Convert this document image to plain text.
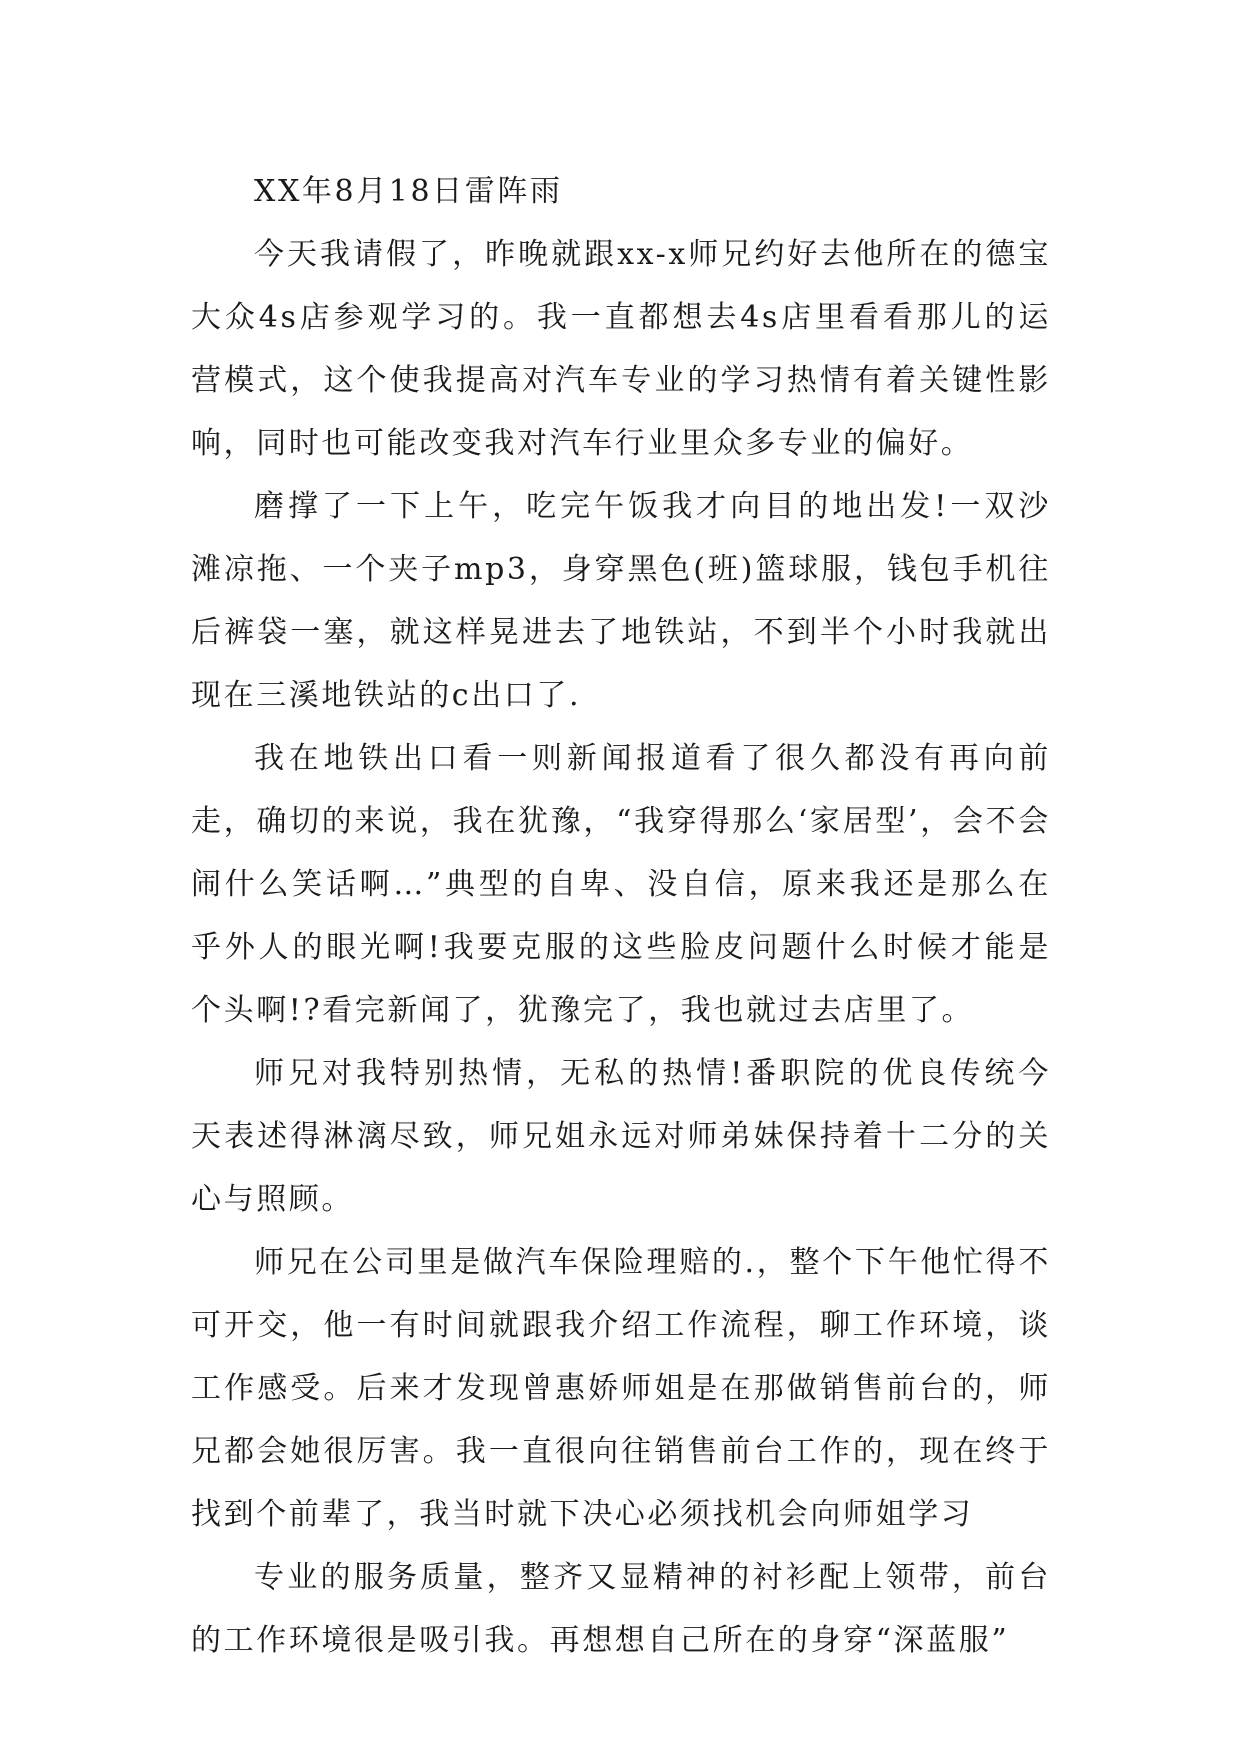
XX年8月18日雷阵雨

今天我请假了，昨晚就跟xx-x师兄约好去他所在的德宝大众4s店参观学习的。我一直都想去4s店里看看那儿的运营模式，这个使我提高对汽车专业的学习热情有着关键性影响，同时也可能改变我对汽车行业里众多专业的偏好。

磨撑了一下上午，吃完午饭我才向目的地出发!一双沙滩凉拖、一个夹子mp3，身穿黑色(班)篮球服，钱包手机往后裤袋一塞，就这样晃进去了地铁站，不到半个小时我就出现在三溪地铁站的c出口了.

我在地铁出口看一则新闻报道看了很久都没有再向前走，确切的来说，我在犹豫，“我穿得那么‘家居型’，会不会闹什么笑话啊…”典型的自卑、没自信，原来我还是那么在乎外人的眼光啊!我要克服的这些脸皮问题什么时候才能是个头啊!?看完新闻了，犹豫完了，我也就过去店里了。

师兄对我特别热情，无私的热情!番职院的优良传统今天表述得淋漓尽致，师兄姐永远对师弟妹保持着十二分的关心与照顾。

师兄在公司里是做汽车保险理赔的.，整个下午他忙得不可开交，他一有时间就跟我介绍工作流程，聊工作环境，谈工作感受。后来才发现曾惠娇师姐是在那做销售前台的，师兄都会她很厉害。我一直很向往销售前台工作的，现在终于找到个前辈了，我当时就下决心必须找机会向师姐学习

专业的服务质量，整齐又显精神的衬衫配上领带，前台的工作环境很是吸引我。再想想自己所在的身穿“深蓝服”
